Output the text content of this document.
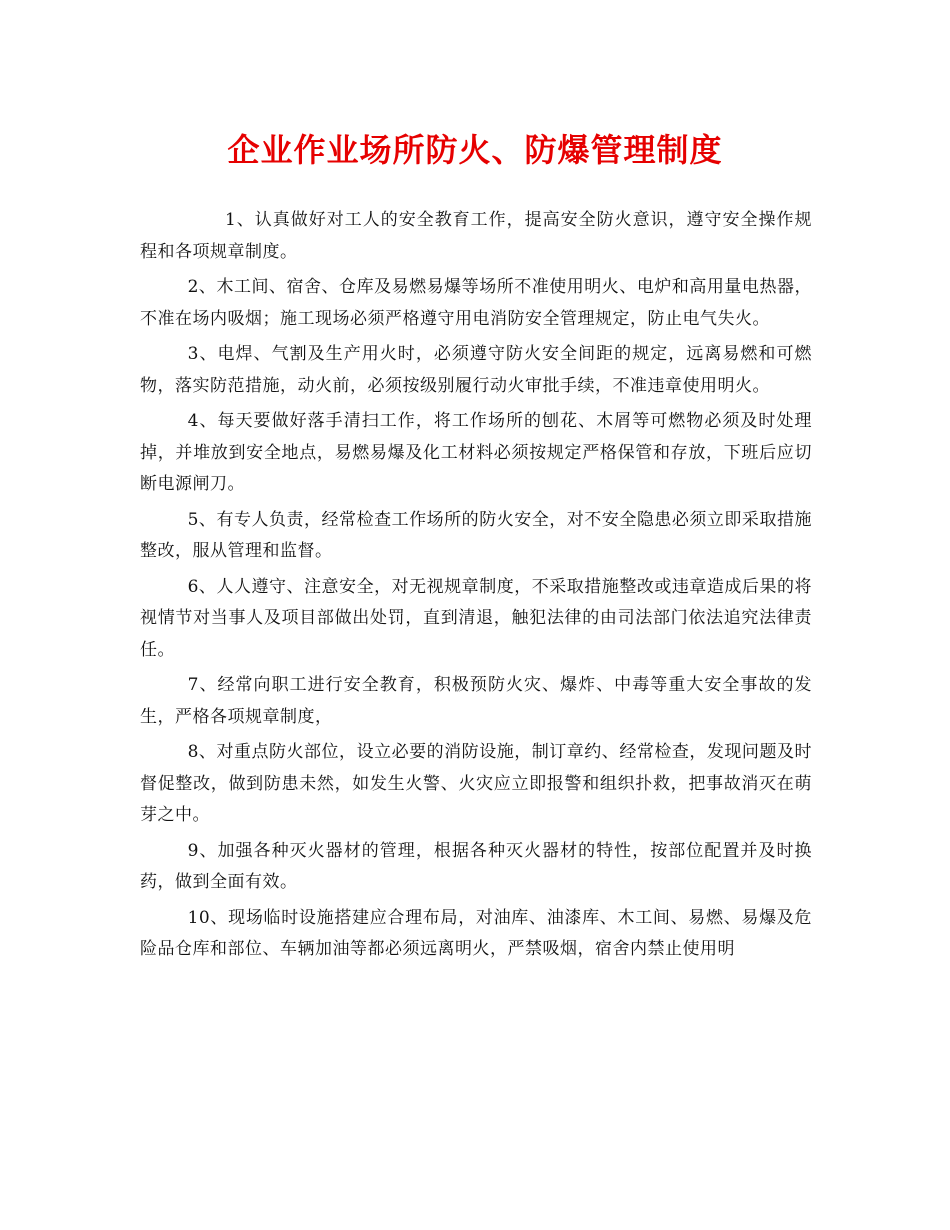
企业作业场所防火、防爆管理制度

1、认真做好对工人的安全教育工作，提高安全防火意识，遵守安全操作规程和各项规章制度。

2、木工间、宿舍、仓库及易燃易爆等场所不准使用明火、电炉和高用量电热器，不准在场内吸烟；施工现场必须严格遵守用电消防安全管理规定，防止电气失火。

3、电焊、气割及生产用火时，必须遵守防火安全间距的规定，远离易燃和可燃物，落实防范措施，动火前，必须按级别履行动火审批手续，不准违章使用明火。

4、每天要做好落手清扫工作，将工作场所的刨花、木屑等可燃物必须及时处理掉，并堆放到安全地点，易燃易爆及化工材料必须按规定严格保管和存放，下班后应切断电源闸刀。

5、有专人负责，经常检查工作场所的防火安全，对不安全隐患必须立即采取措施整改，服从管理和监督。

6、人人遵守、注意安全，对无视规章制度，不采取措施整改或违章造成后果的将视情节对当事人及项目部做出处罚，直到清退，触犯法律的由司法部门依法追究法律责任。

7、经常向职工进行安全教育，积极预防火灾、爆炸、中毒等重大安全事故的发生，严格各项规章制度，

8、对重点防火部位，设立必要的消防设施，制订章约、经常检查，发现问题及时督促整改，做到防患未然，如发生火警、火灾应立即报警和组织扑救，把事故消灭在萌芽之中。

9、加强各种灭火器材的管理，根据各种灭火器材的特性，按部位配置并及时换药，做到全面有效。

10、现场临时设施搭建应合理布局，对油库、油漆库、木工间、易燃、易爆及危险品仓库和部位、车辆加油等都必须远离明火，严禁吸烟，宿舍内禁止使用明
